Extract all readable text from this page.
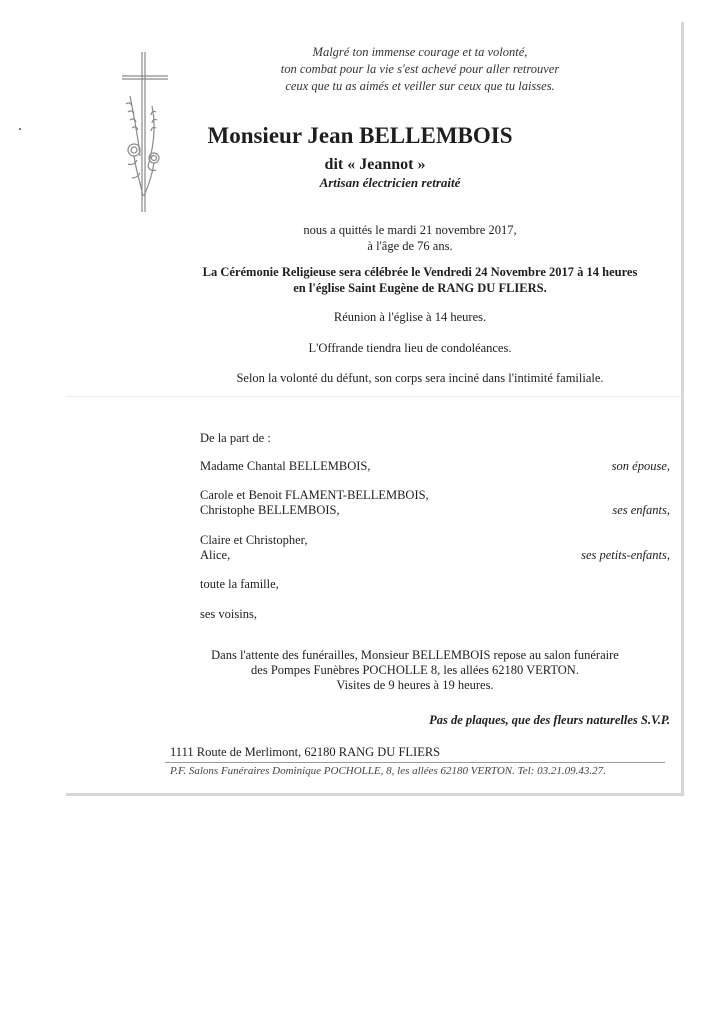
Malgré ton immense courage et ta volonté,
ton combat pour la vie s'est achevé pour aller retrouver
ceux que tu as aimés et veiller sur ceux que tu laisses.
Monsieur Jean BELLEMBOIS
dit « Jeannot »
Artisan électricien retraité
nous a quittés le mardi 21 novembre 2017,
à l'âge de 76 ans.
La Cérémonie Religieuse sera célébrée le Vendredi 24 Novembre 2017 à 14 heures
en l'église Saint Eugène de RANG DU FLIERS.
Réunion à l'église à 14 heures.
L'Offrande tiendra lieu de condoléances.
Selon la volonté du défunt, son corps sera inciné dans l'intimité familiale.
De la part de :
Madame Chantal BELLEMBOIS,	son épouse,
Carole et Benoit FLAMENT-BELLEMBOIS,
Christophe BELLEMBOIS,	ses enfants,
Claire et Christopher,
Alice,	ses petits-enfants,
toute la famille,
ses voisins,
Dans l'attente des funérailles, Monsieur BELLEMBOIS repose au salon funéraire
des Pompes Funèbres POCHOLLE 8, les allées 62180 VERTON.
Visites de 9 heures à 19 heures.
Pas de plaques, que des fleurs naturelles S.V.P.
1111 Route de Merlimont, 62180 RANG DU FLIERS
P.F. Salons Funéraires Dominique POCHOLLE, 8, les allées 62180 VERTON. Tel: 03.21.09.43.27.
